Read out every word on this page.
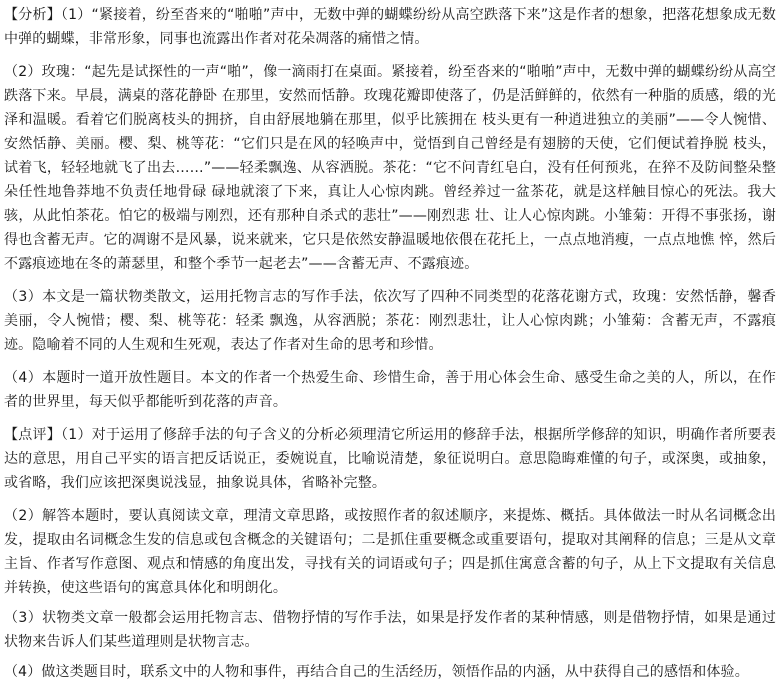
【分析】（1）“紧接着，纷至沓来的“啪啪”声中，无数中弹的蝴蝶纷纷从高空跌落下来”这是作者的想象，把落花想象成无数中弹的蝴蝶，非常形象，同事也流露出作者对花朵凋落的痛惜之情。

（2）玫瑰：“起先是试探性的一声“啪”，像一滴雨打在桌面。紧接着，纷至沓来的“啪啪”声中，无数中弹的蝴蝶纷纷从高空跌落下来。早晨，满桌的落花静卧 在那里，安然而恬静。玫瑰花瓣即使落了，仍是活鲜鲜的，依然有一种脂的质感，缎的光泽和温暖。看着它们脱离枝头的拥挤，自由舒展地躺在那里，似乎比簇拥在 枝头更有一种逍进独立的美丽”——令人惋惜、安然恬静、美丽。樱、梨、桃等花：“它们只是在风的轻唤声中，觉悟到自己曾经是有翅膀的天使，它们便试着挣脱 枝头，试着飞，轻轻地就飞了出去……”——轻柔飘逸、从容洒脱。茶花：“它不问青红皂白，没有任何预兆，在猝不及防间整朵整朵任性地鲁莽地不负责任地骨碌 碌地就滚了下来，真让人心惊肉跳。曾经养过一盆茶花，就是这样触目惊心的死法。我大骇，从此怕茶花。怕它的极端与刚烈，还有那种自杀式的悲壮”——刚烈悲 壮、让人心惊肉跳。小雏菊：开得不事张扬，谢得也含蓄无声。它的凋谢不是风暴，说来就来，它只是依然安静温暖地依偎在花托上，一点点地消瘦，一点点地憔 悴，然后不露痕迹地在冬的萧瑟里，和整个季节一起老去”——含蓄无声、不露痕迹。

（3）本文是一篇状物类散文，运用托物言志的写作手法，依次写了四种不同类型的花落花谢方式，玫瑰：安然恬静，馨香美丽，令人惋惜；樱、梨、桃等花：轻柔 飘逸，从容洒脱；茶花：刚烈悲壮，让人心惊肉跳；小雏菊：含蓄无声，不露痕迹。隐喻着不同的人生观和生死观，表达了作者对生命的思考和珍惜。

（4）本题时一道开放性题目。本文的作者一个热爱生命、珍惜生命，善于用心体会生命、感受生命之美的人，所以，在作者的世界里，每天似乎都能听到花落的声音。

【点评】（1）对于运用了修辞手法的句子含义的分析必须理清它所运用的修辞手法，根据所学修辞的知识，明确作者所要表达的意思，用自己平实的语言把反话说正，委婉说直，比喻说清楚，象征说明白。意思隐晦难懂的句子，或深奥，或抽象，或省略，我们应该把深奥说浅显，抽象说具体，省略补完整。

（2）解答本题时，要认真阅读文章，理清文章思路，或按照作者的叙述顺序，来提炼、概括。具体做法一时从名词概念出发，提取由名词概念生发的信息或包含概念的关键语句；二是抓住重要概念或重要语句，提取对其阐释的信息；三是从文章主旨、作者写作意图、观点和情感的角度出发，寻找有关的词语或句子；四是抓住寓意含蓄的句子，从上下文提取有关信息并转换，使这些语句的寓意具体化和明朗化。

（3）状物类文章一般都会运用托物言志、借物抒情的写作手法，如果是抒发作者的某种情感，则是借物抒情，如果是通过状物来告诉人们某些道理则是状物言志。

（4）做这类题目时，联系文中的人物和事件，再结合自己的生活经历，领悟作品的内涵，从中获得自己的感悟和体验。
